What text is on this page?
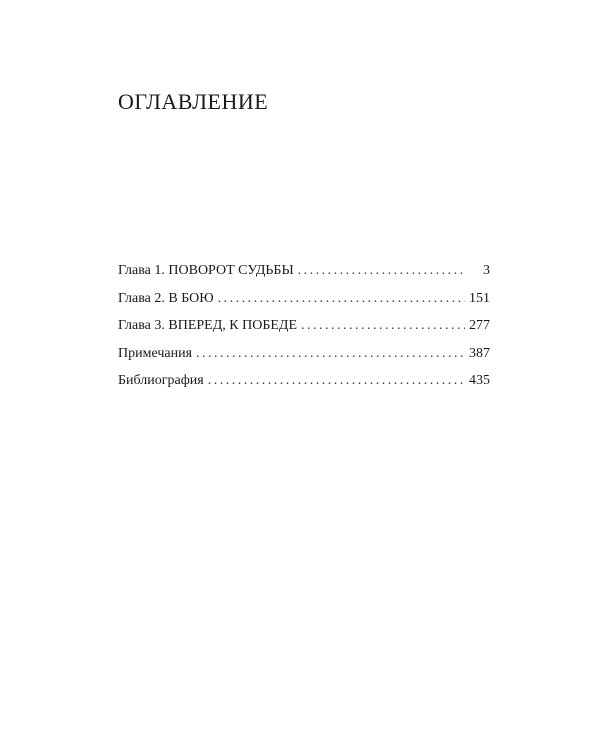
ОГЛАВЛЕНИЕ
Глава 1. ПОВОРОТ СУДЬБЫ . . .	3
Глава 2. В БОЮ . . .	151
Глава 3. ВПЕРЕД, К ПОБЕДЕ . . .	277
Примечания . . .	387
Библиография . . .	435
